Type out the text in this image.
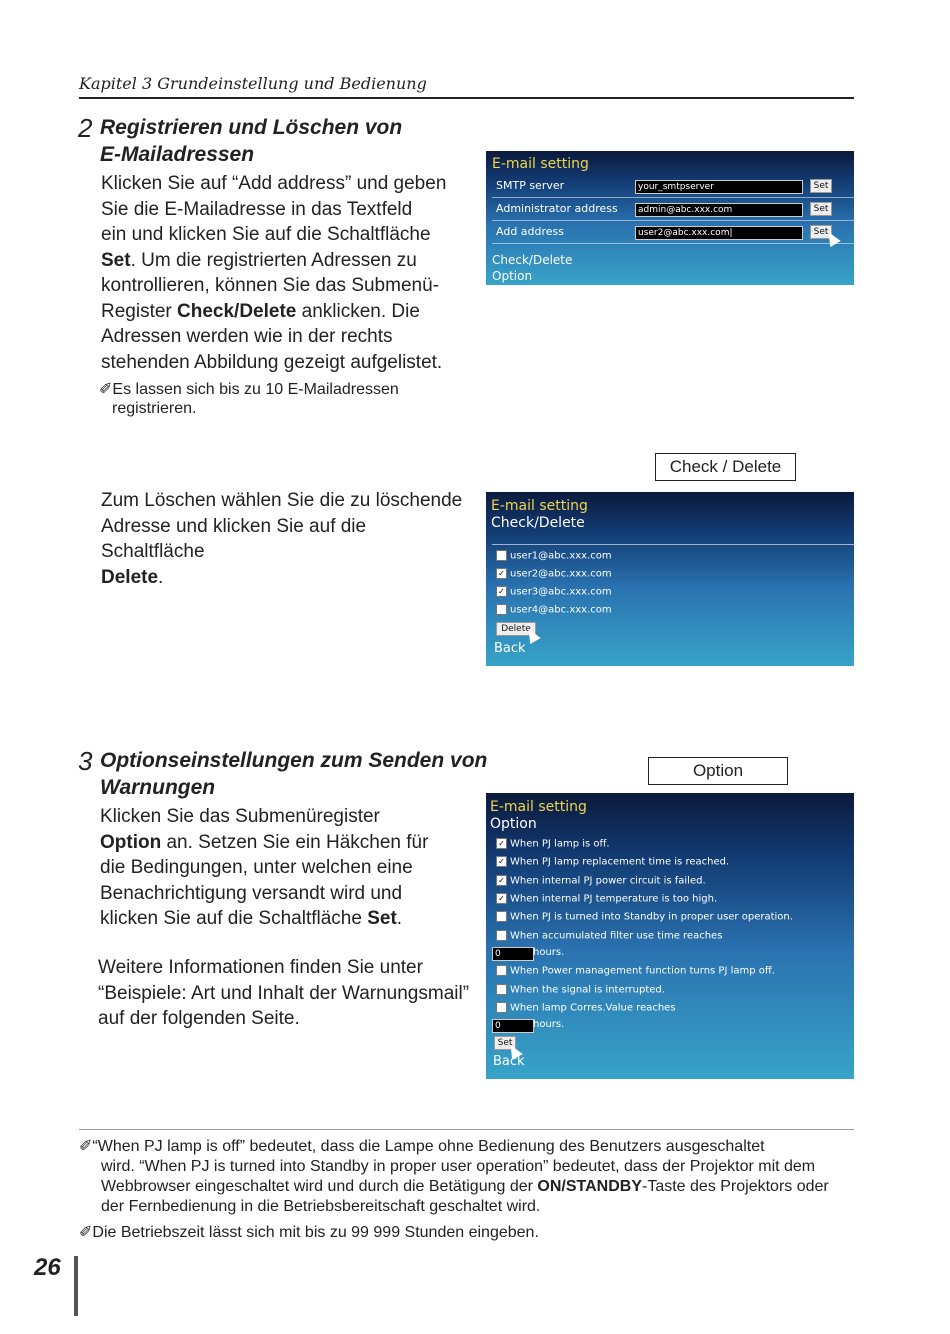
Kapitel 3 Grundeinstellung und Bedienung
2 Registrieren und Löschen von
E-Mailadressen
Klicken Sie auf “Add address” und geben
Sie die E-Mailadresse in das Textfeld
ein und klicken Sie auf die Schaltfläche
Set. Um die registrierten Adressen zu
kontrollieren, können Sie das Submenü-
Register Check/Delete anklicken. Die
Adressen werden wie in der rechts
stehenden Abbildung gezeigt aufgelistet.
✐Es lassen sich bis zu 10 E-Mailadressen
registrieren.
E-mail setting
SMTP server	your_smtpserver	Set
Administrator address	admin@abc.xxx.com	Set
Add address	user2@abc.xxx.com|	Set
Check/Delete
Option
Check / Delete
Zum Löschen wählen Sie die zu löschende
Adresse und klicken Sie auf die Schaltfläche
Delete.
E-mail setting
Check/Delete
user1@abc.xxx.com
✓ user2@abc.xxx.com
✓ user3@abc.xxx.com
user4@abc.xxx.com
Delete
Back
3 Optionseinstellungen zum Senden von
Warnungen
Klicken Sie das Submenüregister
Option an. Setzen Sie ein Häkchen für
die Bedingungen, unter welchen eine
Benachrichtigung versandt wird und
klicken Sie auf die Schaltfläche Set.
Weitere Informationen finden Sie unter
“Beispiele: Art und Inhalt der Warnungsmail”
auf der folgenden Seite.
Option
E-mail setting
Option
✓ When PJ lamp is off.
✓ When PJ lamp replacement time is reached.
✓ When internal PJ power circuit is failed.
✓ When internal PJ temperature is too high.
When PJ is turned into Standby in proper user operation.
When accumulated filter use time reaches
0	hours.
When Power management function turns PJ lamp off.
When the signal is interrupted.
When lamp Corres.Value reaches
0	hours.
Set
Back
✐“When PJ lamp is off” bedeutet, dass die Lampe ohne Bedienung des Benutzers ausgeschaltet
wird. “When PJ is turned into Standby in proper user operation” bedeutet, dass der Projektor mit dem
Webbrowser eingeschaltet wird und durch die Betätigung der ON/STANDBY-Taste des Projektors oder
der Fernbedienung in die Betriebsbereitschaft geschaltet wird.
✐Die Betriebszeit lässt sich mit bis zu 99 999 Stunden eingeben.
26
